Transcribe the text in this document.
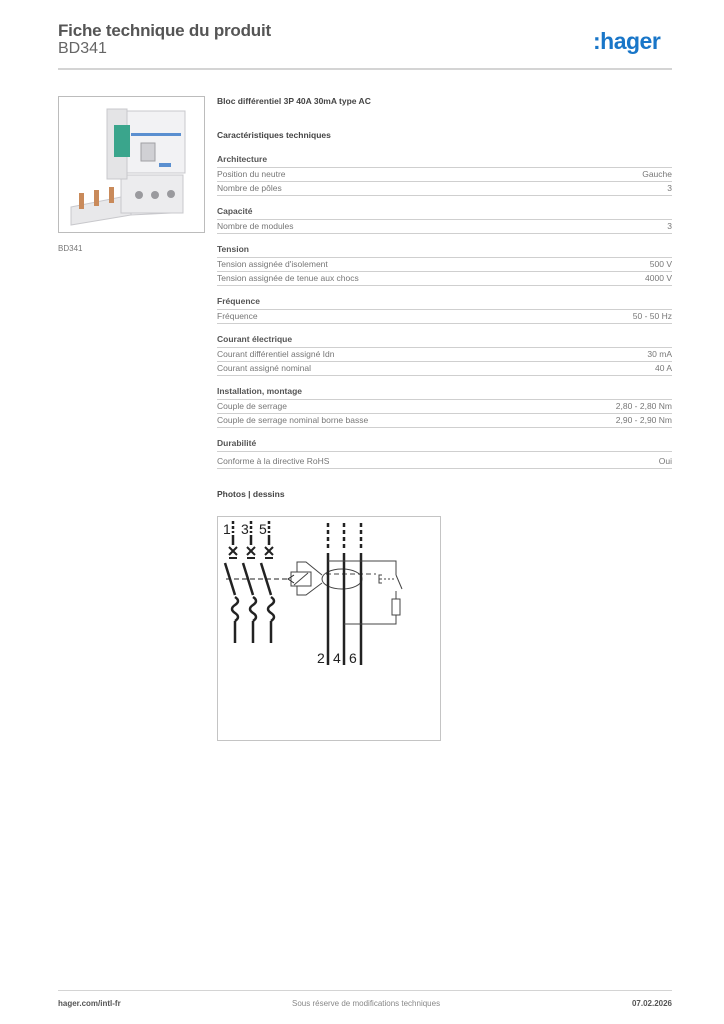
Fiche technique du produit
BD341	:hager
BD341
Bloc différentiel 3P 40A 30mA type AC
Caractéristiques techniques
Architecture
Position du neutre	Gauche
Nombre de pôles	3
Capacité
Nombre de modules	3
Tension
Tension assignée d'isolement	500 V
Tension assignée de tenue aux chocs	4000 V
Fréquence
Fréquence	50 - 50 Hz
Courant électrique
Courant différentiel assigné Idn	30 mA
Courant assigné nominal	40 A
Installation, montage
Couple de serrage	2,80 - 2,80 Nm
Couple de serrage nominal borne basse	2,90 - 2,90 Nm
Durabilité
Conforme à la directive RoHS	Oui
Photos | dessins
1 3 5
2 4 6
hager.com/intl-fr	Sous réserve de modifications techniques	07.02.2026
